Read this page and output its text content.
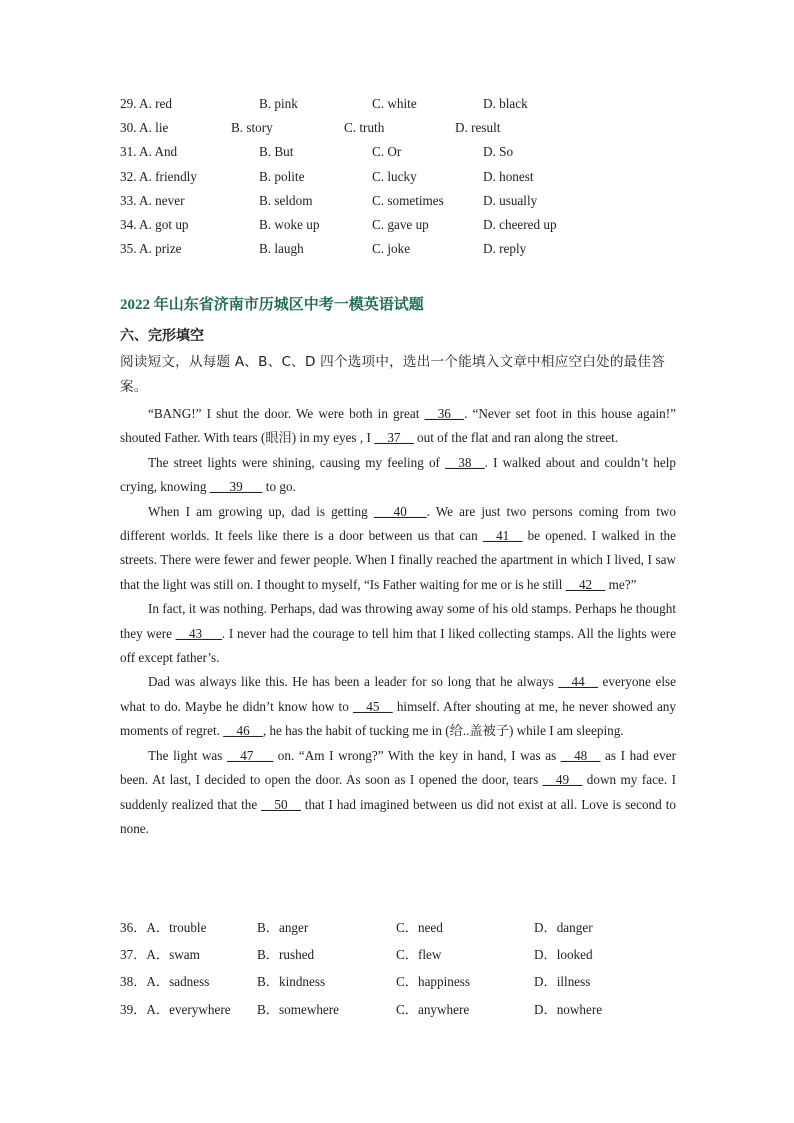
29. A. red	B. pink	C. white	D. black
30. A. lie	B. story	C. truth	D. result
31. A. And	B. But	C. Or	D. So
32. A. friendly	B. polite	C. lucky	D. honest
33. A. never	B. seldom	C. sometimes	D. usually
34. A. got up	B. woke up	C. gave up	D. cheered up
35. A. prize	B. laugh	C. joke	D. reply
2022 年山东省济南市历城区中考一模英语试题
六、完形填空
阅读短文，从每题 A、B、C、D 四个选项中，选出一个能填入文章中相应空白处的最佳答案。

“BANG!” I shut the door. We were both in great __36__. “Never set foot in this house again!” shouted Father. With tears (眼泪) in my eyes , I __37__ out of the flat and ran along the street.

The street lights were shining, causing my feeling of __38__. I walked about and couldn’t help crying, knowing ___39___ to go.

When I am growing up, dad is getting ___40___. We are just two persons coming from two different worlds. It feels like there is a door between us that can __41__ be opened. I walked in the streets. There were fewer and fewer people. When I finally reached the apartment in which I lived, I saw that the light was still on. I thought to myself, “Is Father waiting for me or is he still __42__ me?”

In fact, it was nothing. Perhaps, dad was throwing away some of his old stamps. Perhaps he thought they were __43___. I never had the courage to tell him that I liked collecting stamps. All the lights were off except father’s.

Dad was always like this. He has been a leader for so long that he always __44__ everyone else what to do. Maybe he didn’t know how to __45__ himself. After shouting at me, he never showed any moments of regret. __46__, he has the habit of tucking me in (给..盖被子) while I am sleeping.

The light was __47___ on. “Am I wrong?” With the key in hand, I was as __48__ as I had ever been. At last, I decided to open the door. As soon as I opened the door, tears __49__ down my face. I suddenly realized that the __50__ that I had imagined between us did not exist at all. Love is second to none.

36．A．trouble	B．anger	C．need	D．danger
37．A．swam	B．rushed	C．flew	D．looked
38．A．sadness	B．kindness	C．happiness	D．illness
39．A．everywhere B．somewhere	C．anywhere	D．nowhere
